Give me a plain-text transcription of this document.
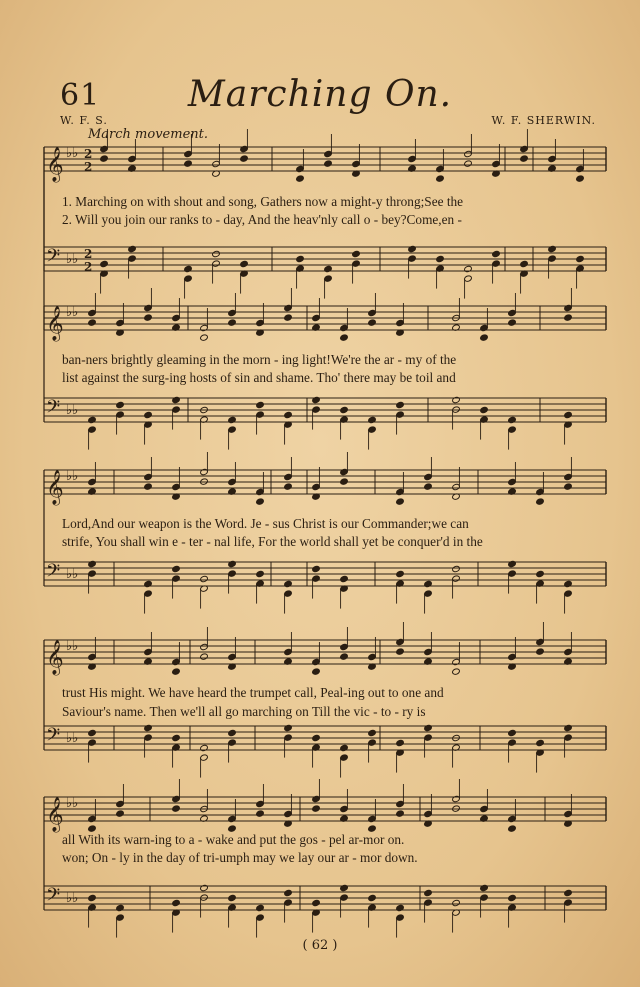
61	Marching On.
W. F. S.	W. F. SHERWIN.
March movement.
𝄞 ♭♭ 2
2
𝄢 ♭♭ 2
2
𝄞 ♭♭
𝄢 ♭♭
𝄞 ♭♭
𝄢 ♭♭
𝄞 ♭♭
𝄢 ♭♭
𝄞 ♭♭
𝄢 ♭♭
1. Marching on with shout and song, Gathers now a might-y throng;See the
2. Will you join our ranks to - day, And the heav'nly call o - bey?Come,en -
ban-ners brightly gleaming in the morn - ing light!We're the ar - my of the
list against the surg-ing hosts of sin and shame. Tho' there may be toil and
Lord,And our weapon is the Word. Je - sus Christ is our Commander;we can
strife, You shall win e - ter - nal life, For the world shall yet be conquer'd in the
trust His might. We have heard the trumpet call, Peal-ing out to one and
Saviour's name. Then we'll all go marching on Till the vic - to - ry is
all With its warn-ing to a - wake and put the gos - pel ar-mor on.
won; On - ly in the day of tri-umph may we lay our ar - mor down.
( 62 )
